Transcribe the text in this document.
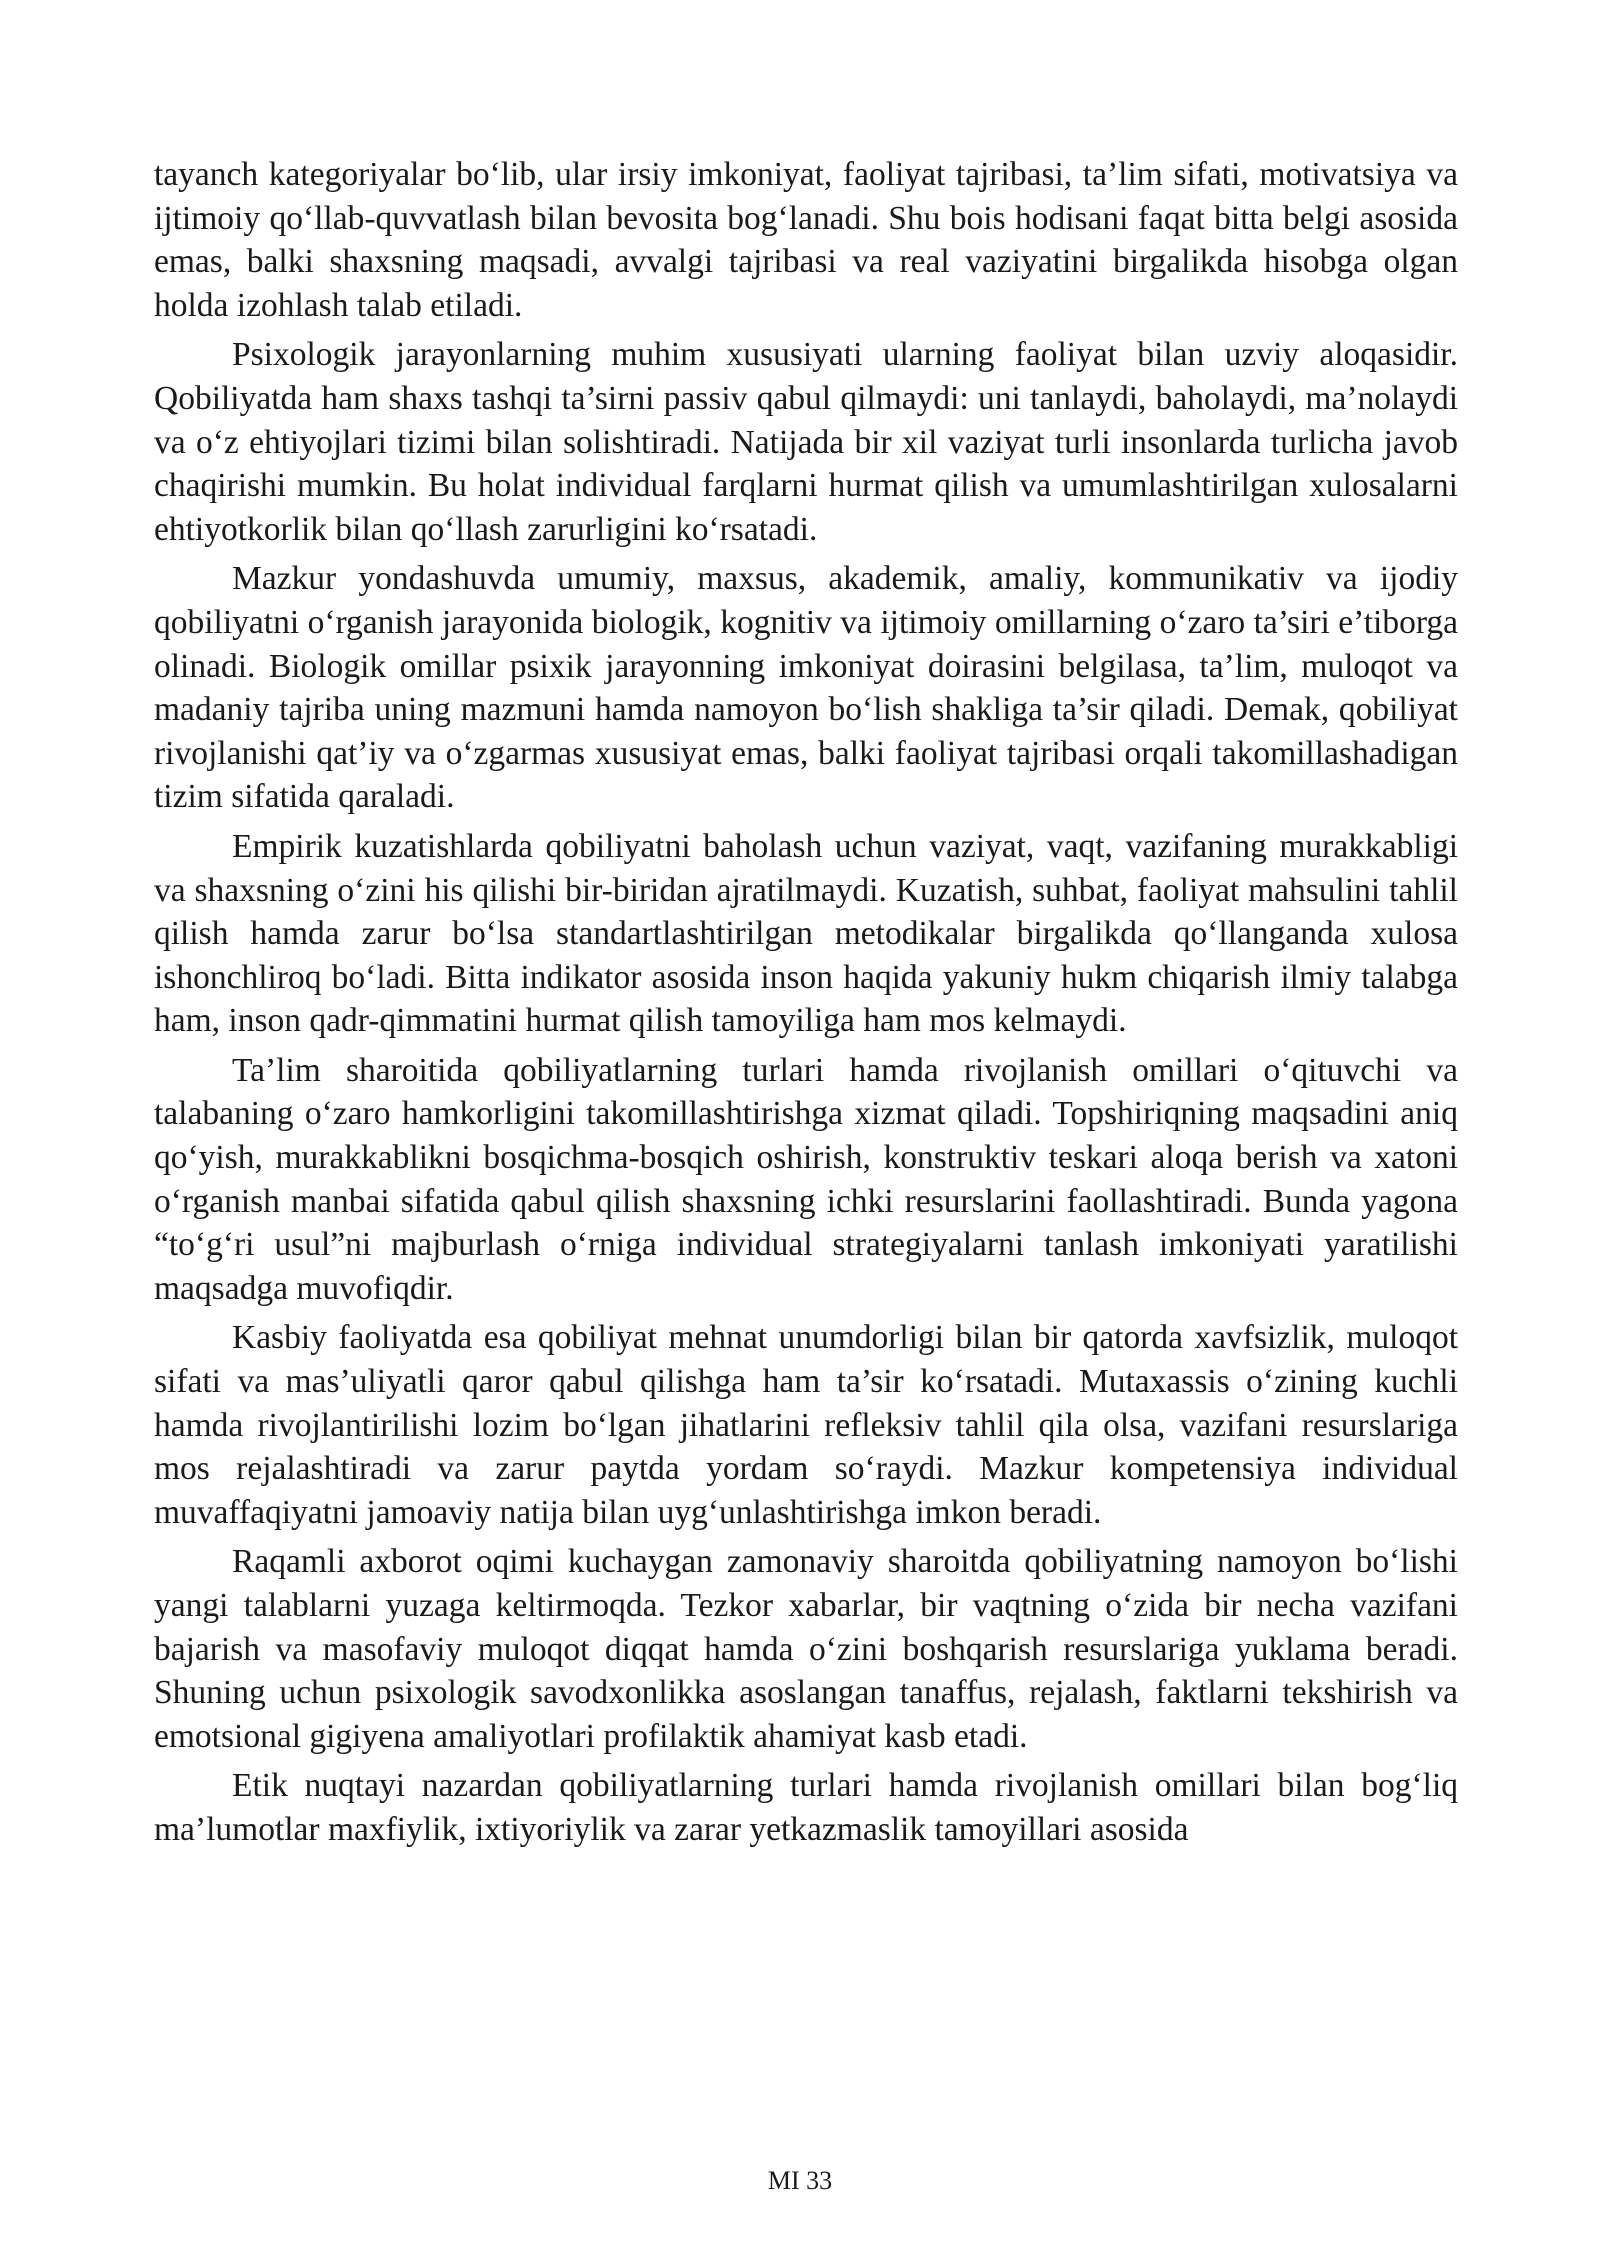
tayanch kategoriyalar bo‘lib, ular irsiy imkoniyat, faoliyat tajribasi, ta’lim sifati, motivatsiya va ijtimoiy qo‘llab-quvvatlash bilan bevosita bog‘lanadi. Shu bois hodisani faqat bitta belgi asosida emas, balki shaxsning maqsadi, avvalgi tajribasi va real vaziyatini birgalikda hisobga olgan holda izohlash talab etiladi.

Psixologik jarayonlarning muhim xususiyati ularning faoliyat bilan uzviy aloqasidir. Qobiliyatda ham shaxs tashqi ta’sirni passiv qabul qilmaydi: uni tanlaydi, baholaydi, ma’nolaydi va o‘z ehtiyojlari tizimi bilan solishtiradi. Natijada bir xil vaziyat turli insonlarda turlicha javob chaqirishi mumkin. Bu holat individual farqlarni hurmat qilish va umumlashtirilgan xulosalarni ehtiyotkorlik bilan qo‘llash zarurligini ko‘rsatadi.

Mazkur yondashuvda umumiy, maxsus, akademik, amaliy, kommunikativ va ijodiy qobiliyatni o‘rganish jarayonida biologik, kognitiv va ijtimoiy omillarning o‘zaro ta’siri e’tiborga olinadi. Biologik omillar psixik jarayonning imkoniyat doirasini belgilasa, ta’lim, muloqot va madaniy tajriba uning mazmuni hamda namoyon bo‘lish shakliga ta’sir qiladi. Demak, qobiliyat rivojlanishi qat’iy va o‘zgarmas xususiyat emas, balki faoliyat tajribasi orqali takomillashadigan tizim sifatida qaraladi.

Empirik kuzatishlarda qobiliyatni baholash uchun vaziyat, vaqt, vazifaning murakkabligi va shaxsning o‘zini his qilishi bir-biridan ajratilmaydi. Kuzatish, suhbat, faoliyat mahsulini tahlil qilish hamda zarur bo‘lsa standartlashtirilgan metodikalar birgalikda qo‘llanganda xulosa ishonchliroq bo‘ladi. Bitta indikator asosida inson haqida yakuniy hukm chiqarish ilmiy talabga ham, inson qadr-qimmatini hurmat qilish tamoyiliga ham mos kelmaydi.

Ta’lim sharoitida qobiliyatlarning turlari hamda rivojlanish omillari o‘qituvchi va talabaning o‘zaro hamkorligini takomillashtirishga xizmat qiladi. Topshiriqning maqsadini aniq qo‘yish, murakkablikni bosqichma-bosqich oshirish, konstruktiv teskari aloqa berish va xatoni o‘rganish manbai sifatida qabul qilish shaxsning ichki resurslarini faollashtiradi. Bunda yagona “to‘g‘ri usul”ni majburlash o‘rniga individual strategiyalarni tanlash imkoniyati yaratilishi maqsadga muvofiqdir.

Kasbiy faoliyatda esa qobiliyat mehnat unumdorligi bilan bir qatorda xavfsizlik, muloqot sifati va mas’uliyatli qaror qabul qilishga ham ta’sir ko‘rsatadi. Mutaxassis o‘zining kuchli hamda rivojlantirilishi lozim bo‘lgan jihatlarini refleksiv tahlil qila olsa, vazifani resurslariga mos rejalashtiradi va zarur paytda yordam so‘raydi. Mazkur kompetensiya individual muvaffaqiyatni jamoaviy natija bilan uyg‘unlashtirishga imkon beradi.

Raqamli axborot oqimi kuchaygan zamonaviy sharoitda qobiliyatning namoyon bo‘lishi yangi talablarni yuzaga keltirmoqda. Tezkor xabarlar, bir vaqtning o‘zida bir necha vazifani bajarish va masofaviy muloqot diqqat hamda o‘zini boshqarish resurslariga yuklama beradi. Shuning uchun psixologik savodxonlikka asoslangan tanaffus, rejalash, faktlarni tekshirish va emotsional gigiyena amaliyotlari profilaktik ahamiyat kasb etadi.

Etik nuqtayi nazardan qobiliyatlarning turlari hamda rivojlanish omillari bilan bog‘liq ma’lumotlar maxfiylik, ixtiyoriylik va zarar yetkazmaslik tamoyillari asosida

MI 33
